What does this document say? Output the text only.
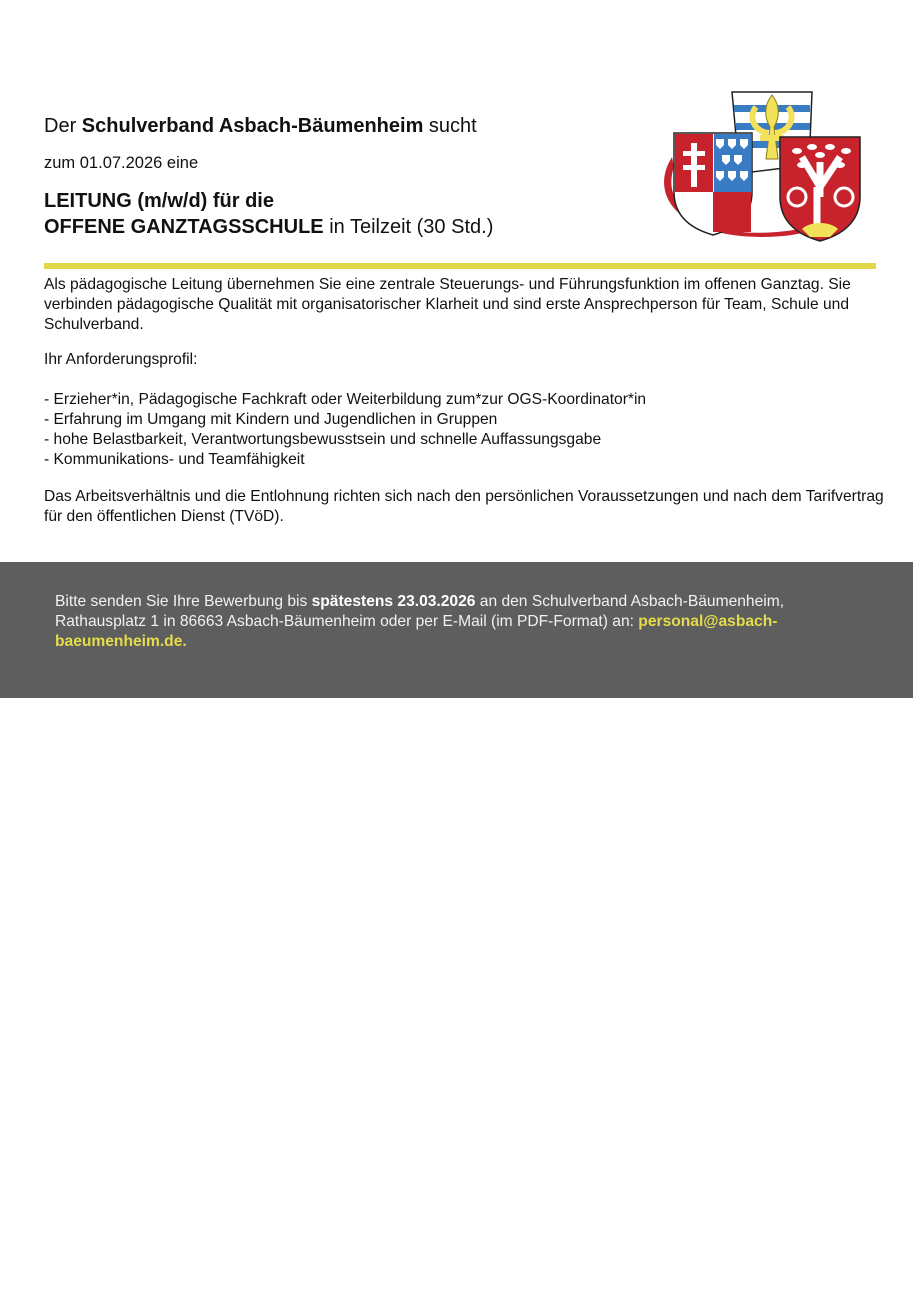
Der Schulverband Asbach-Bäumenheim sucht
zum 01.07.2026 eine
LEITUNG (m/w/d) für die
OFFENE GANZTAGSSCHULE in Teilzeit (30 Std.)
Als pädagogische Leitung übernehmen Sie eine zentrale Steuerungs- und Führungsfunktion im offenen Ganztag. Sie verbinden pädagogische Qualität mit organisatorischer Klarheit und sind erste Ansprechperson für Team, Schule und Schulverband.
Ihr Anforderungsprofil:
- Erzieher*in, Pädagogische Fachkraft oder Weiterbildung zum*zur OGS-Koordinator*in
- Erfahrung im Umgang mit Kindern und Jugendlichen in Gruppen
- hohe Belastbarkeit, Verantwortungsbewusstsein und schnelle Auffassungsgabe
- Kommunikations- und Teamfähigkeit
Das Arbeitsverhältnis und die Entlohnung richten sich nach den persönlichen Voraussetzungen und nach dem Tarifvertrag für den öffentlichen Dienst (TVöD).
Bitte senden Sie Ihre Bewerbung bis spätestens 23.03.2026 an den Schulverband Asbach-Bäumenheim, Rathausplatz 1 in 86663 Asbach-Bäumenheim oder per E-Mail (im PDF-Format) an: personal@asbach-baeumenheim.de.
